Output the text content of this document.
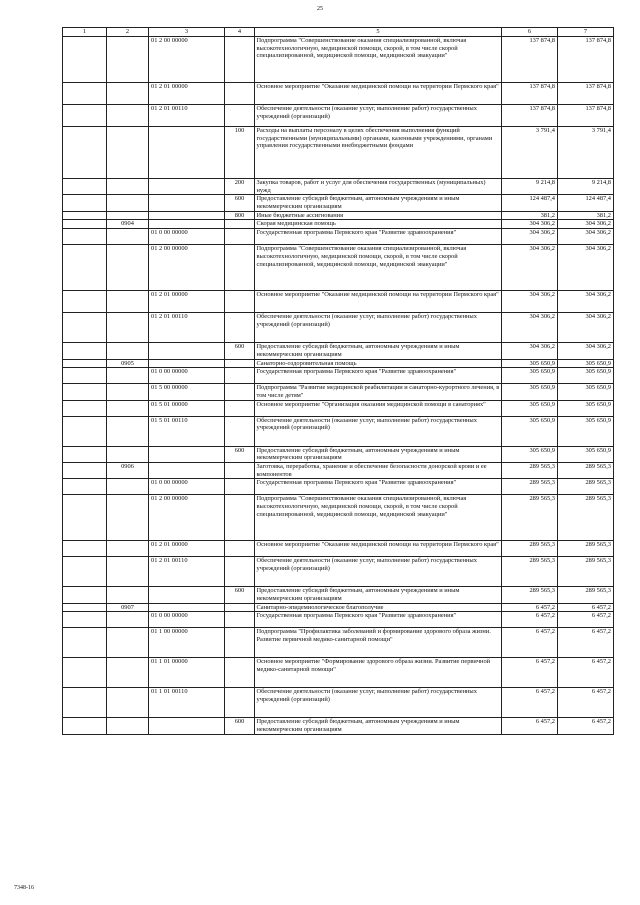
25
1	2	3	4	5	6	7
		01 2 00 00000		Подпрограмма "Совершенствование оказания специализированной, включая высокотехнологичную, медицинской помощи, скорой, в том числе скорой специализированной, медицинской помощи, медицинской эвакуации"	137 874,8	137 874,8
		01 2 01 00000		Основное мероприятие "Оказание медицинской помощи на территории Пермского края"	137 874,8	137 874,8
		01 2 01 00110		Обеспечение деятельности (оказание услуг, выполнение работ) государственных учреждений (организаций)	137 874,8	137 874,8
			100	Расходы на выплаты персоналу в целях обеспечения выполнения функций государственными (муниципальными) органами, казенными учреждениями, органами управления государственными внебюджетными фондами	3 791,4	3 791,4
			200	Закупка товаров, работ и услуг для обеспечения государственных (муниципальных) нужд	9 214,8	9 214,8
			600	Предоставление субсидий бюджетным, автономным учреждениям и иным некоммерческим организациям	124 487,4	124 487,4
			800	Иные бюджетные ассигнования	381,2	381,2
	0904			Скорая медицинская помощь	304 306,2	304 306,2
		01 0 00 00000		Государственная программа Пермского края "Развитие здравоохранения"	304 306,2	304 306,2
		01 2 00 00000		Подпрограмма "Совершенствование оказания специализированной, включая высокотехнологичную, медицинской помощи, скорой, в том числе скорой специализированной, медицинской помощи, медицинской эвакуации"	304 306,2	304 306,2
		01 2 01 00000		Основное мероприятие "Оказание медицинской помощи на территории Пермского края"	304 306,2	304 306,2
		01 2 01 00110		Обеспечение деятельности (оказание услуг, выполнение работ) государственных учреждений (организаций)	304 306,2	304 306,2
			600	Предоставление субсидий бюджетным, автономным учреждениям и иным некоммерческим организациям	304 306,2	304 306,2
	0905			Санаторно-оздоровительная помощь	305 650,9	305 650,9
		01 0 00 00000		Государственная программа Пермского края "Развитие здравоохранения"	305 650,9	305 650,9
		01 5 00 00000		Подпрограмма "Развитие медицинской реабилитации и санаторно-курортного лечения, в том числе детям"	305 650,9	305 650,9
		01 5 01 00000		Основное мероприятие "Организация оказания медицинской помощи в санаториях"	305 650,9	305 650,9
		01 5 01 00110		Обеспечение деятельности (оказание услуг, выполнение работ) государственных учреждений (организаций)	305 650,9	305 650,9
			600	Предоставление субсидий бюджетным, автономным учреждениям и иным некоммерческим организациям	305 650,9	305 650,9
	0906			Заготовка, переработка, хранение и обеспечение безопасности донорской крови и ее компонентов	289 565,3	289 565,3
		01 0 00 00000		Государственная программа Пермского края "Развитие здравоохранения"	289 565,3	289 565,3
		01 2 00 00000		Подпрограмма "Совершенствование оказания специализированной, включая высокотехнологичную, медицинской помощи, скорой, в том числе скорой специализированной, медицинской помощи, медицинской эвакуации"	289 565,3	289 565,3
		01 2 01 00000		Основное мероприятие "Оказание медицинской помощи на территории Пермского края"	289 565,3	289 565,3
		01 2 01 00110		Обеспечение деятельности (оказание услуг, выполнение работ) государственных учреждений (организаций)	289 565,3	289 565,3
			600	Предоставление субсидий бюджетным, автономным учреждениям и иным некоммерческим организациям	289 565,3	289 565,3
	0907			Санитарно-эпидемиологическое благополучие	6 457,2	6 457,2
		01 0 00 00000		Государственная программа Пермского края "Развитие здравоохранения"	6 457,2	6 457,2
		01 1 00 00000		Подпрограмма "Профилактика заболеваний и формирование здорового образа жизни. Развитие первичной медико-санитарной помощи"	6 457,2	6 457,2
		01 1 01 00000		Основное мероприятие "Формирование здорового образа жизни. Развитие первичной медико-санитарной помощи"	6 457,2	6 457,2
		01 1 01 00110		Обеспечение деятельности (оказание услуг, выполнение работ) государственных учреждений (организаций)	6 457,2	6 457,2
			600	Предоставление субсидий бюджетным, автономным учреждениям и иным некоммерческим организациям	6 457,2	6 457,2
7348-16
